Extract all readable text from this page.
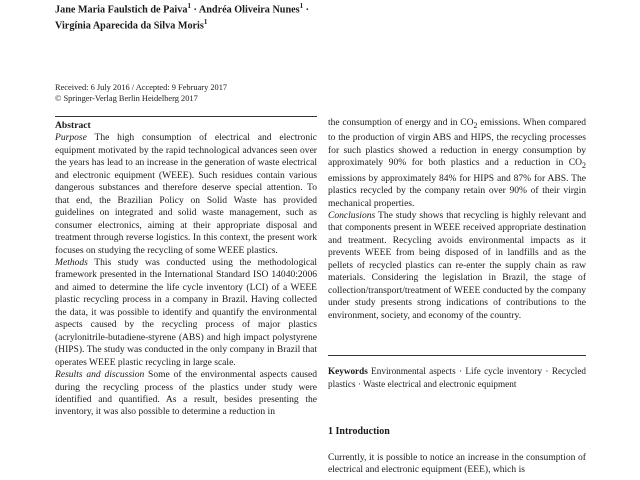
Jane Maria Faulstich de Paiva$^1$ · Andréa Oliveira Nunes$^1$ ·
Virgínia Aparecida da Silva Moris$^1$
Received: 6 July 2016 / Accepted: 9 February 2017
© Springer-Verlag Berlin Heidelberg 2017

Abstract

Purpose The high consumption of electrical and electronic equipment motivated by the rapid technological advances seen over the years has lead to an increase in the generation of waste electrical and electronic equipment (WEEE). Such residues contain various dangerous substances and therefore deserve special attention. To that end, the Brazilian Policy on Solid Waste has provided guidelines on integrated and solid waste management, such as consumer electronics, aiming at their appropriate disposal and treatment through reverse logistics. In this context, the present work focuses on studying the recycling of some WEEE plastics.

Methods This study was conducted using the methodological framework presented in the International Standard ISO 14040:2006 and aimed to determine the life cycle inventory (LCI) of a WEEE plastic recycling process in a company in Brazil. Having collected the data, it was possible to identify and quantify the environmental aspects caused by the recycling process of major plastics (acrylonitrile-butadiene-styrene (ABS) and high impact polystyrene (HIPS). The study was conducted in the only company in Brazil that operates WEEE plastic recycling in large scale.

Results and discussion Some of the environmental aspects caused during the recycling process of the plastics under study were identified and quantified. As a result, besides presenting the inventory, it was also possible to determine a reduction in

the consumption of energy and in $CO_2$ emissions. When compared to the production of virgin ABS and HIPS, the recycling processes for such plastics showed a reduction in energy consumption by approximately 90% for both plastics and a reduction in $CO_2$ emissions by approximately 84% for HIPS and 87% for ABS. The plastics recycled by the company retain over 90% of their virgin mechanical properties.

Conclusions The study shows that recycling is highly relevant and that components present in WEEE received appropriate destination and treatment. Recycling avoids environmental impacts as it prevents WEEE from being disposed of in landfills and as the pellets of recycled plastics can re-enter the supply chain as raw materials. Considering the legislation in Brazil, the stage of collection/transport/treatment of WEEE conducted by the company under study presents strong indications of contributions to the environment, society, and economy of the country.

Keywords Environmental aspects · Life cycle inventory · Recycled plastics · Waste electrical and electronic equipment
1 Introduction
Currently, it is possible to notice an increase in the consumption of electrical and electronic equipment (EEE), which is
